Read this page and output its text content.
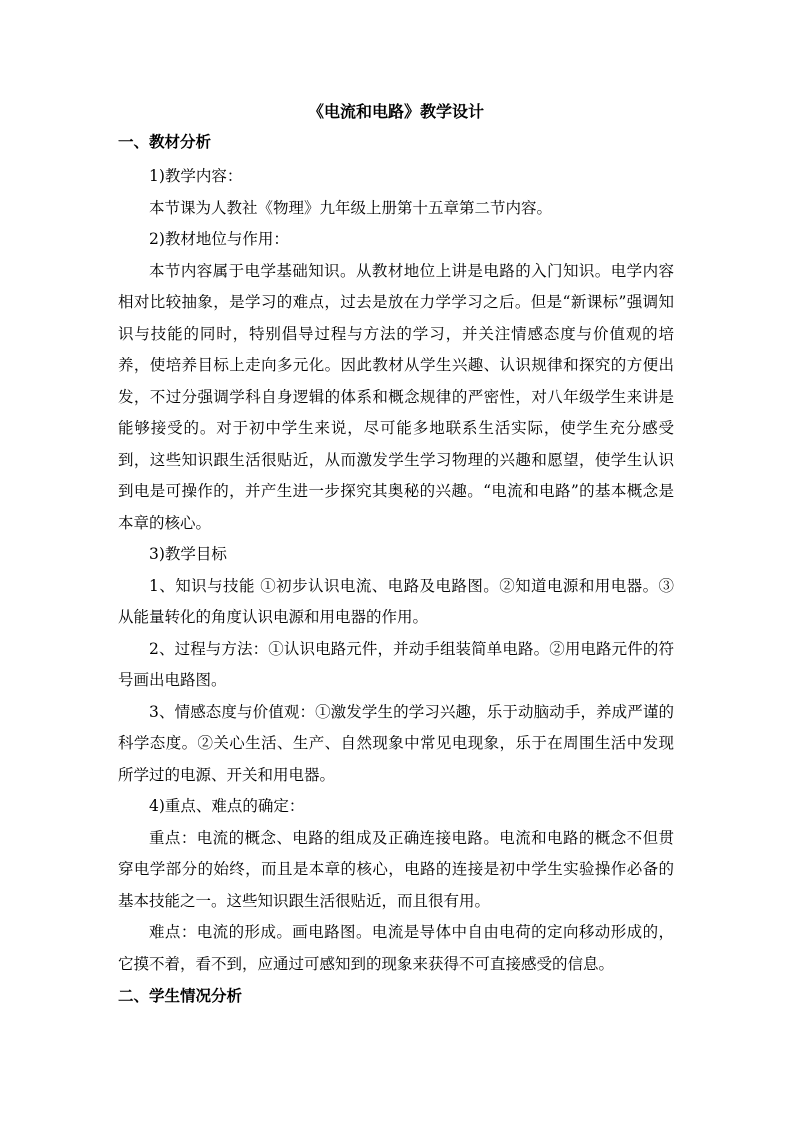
《电流和电路》教学设计
一、教材分析

1)教学内容：

本节课为人教社《物理》九年级上册第十五章第二节内容。

2)教材地位与作用：

本节内容属于电学基础知识。从教材地位上讲是电路的入门知识。电学内容相对比较抽象，是学习的难点，过去是放在力学学习之后。但是“新课标”强调知识与技能的同时，特别倡导过程与方法的学习，并关注情感态度与价值观的培养，使培养目标上走向多元化。因此教材从学生兴趣、认识规律和探究的方便出发，不过分强调学科自身逻辑的体系和概念规律的严密性，对八年级学生来讲是能够接受的。对于初中学生来说，尽可能多地联系生活实际，使学生充分感受到，这些知识跟生活很贴近，从而激发学生学习物理的兴趣和愿望，使学生认识到电是可操作的，并产生进一步探究其奥秘的兴趣。“电流和电路”的基本概念是本章的核心。

3)教学目标

1、知识与技能 ①初步认识电流、电路及电路图。②知道电源和用电器。③从能量转化的角度认识电源和用电器的作用。

2、过程与方法：①认识电路元件，并动手组装简单电路。②用电路元件的符号画出电路图。

3、情感态度与价值观：①激发学生的学习兴趣，乐于动脑动手，养成严谨的科学态度。②关心生活、生产、自然现象中常见电现象，乐于在周围生活中发现所学过的电源、开关和用电器。

4)重点、难点的确定：

重点：电流的概念、电路的组成及正确连接电路。电流和电路的概念不但贯穿电学部分的始终，而且是本章的核心，电路的连接是初中学生实验操作必备的基本技能之一。这些知识跟生活很贴近，而且很有用。

难点：电流的形成。画电路图。电流是导体中自由电荷的定向移动形成的，它摸不着，看不到，应通过可感知到的现象来获得不可直接感受的信息。

二、学生情况分析
